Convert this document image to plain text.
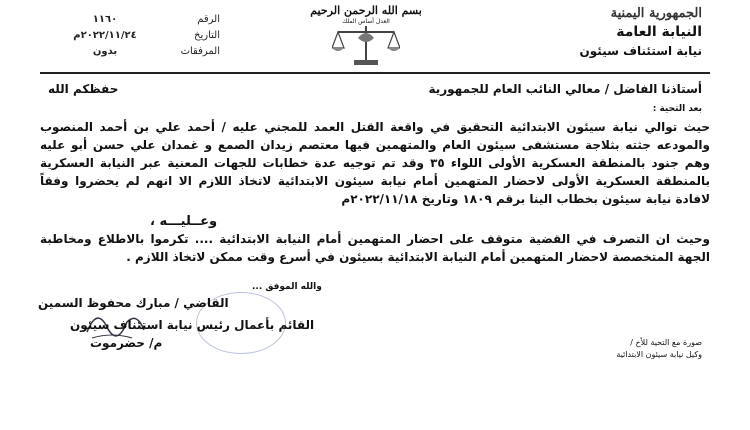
الجمهورية اليمنية
النيابة العامة
نيابة استئناف سيئون
بسم الله الرحمن الرحيم
العدل أساس الملك
١١٦٠	الرقم
٢٠٢٢/١١/٢٤م	التاريخ
بدون	المرفقات
أستاذنا الفاضل / معالي النائب العام للجمهورية
حفظكم الله
بعد التحية :
حيث توالي نيابة سيئون الابتدائية التحقيق في واقعة القتل العمد للمجني عليه / أحمد علي بن أحمد المنصوب والمودعه جثته بثلاجة مستشفى سيئون العام والمتهمين فيها معتصم زيدان الصمع و غمدان علي حسن أبو عليه وهم جنود بالمنطقة العسكرية الأولى اللواء ٣٥ وقد تم توجيه عدة خطابات للجهات المعنية عبر النيابة العسكرية بالمنطقة العسكرية الأولى لاحضار المتهمين أمام نيابة سيئون الابتدائية لاتخاذ اللازم الا انهم لم يحضروا وفقاً لافادة نيابة سيئون بخطاب الينا برقم ١٨٠٩ وتاريخ ٢٠٢٢/١١/١٨م
وعــليـــه ،
وحيث ان التصرف في القضية متوقف على احضار المتهمين أمام النيابة الابتدائية .... تكرموا بالاطلاع ومخاطبة الجهة المتخصصة لاحضار المتهمين أمام النيابة الابتدائية بسيئون في أسرع وقت ممكن لاتخاذ اللازم .
والله الموفق ...
القاضي / مبارك محفوظ السمين
القائم بأعمال رئيس نيابة استئناف سيئون
م/ حضرموت	صورة مع التحية للأخ /
وكيل نيابة سيئون الابتدائية
